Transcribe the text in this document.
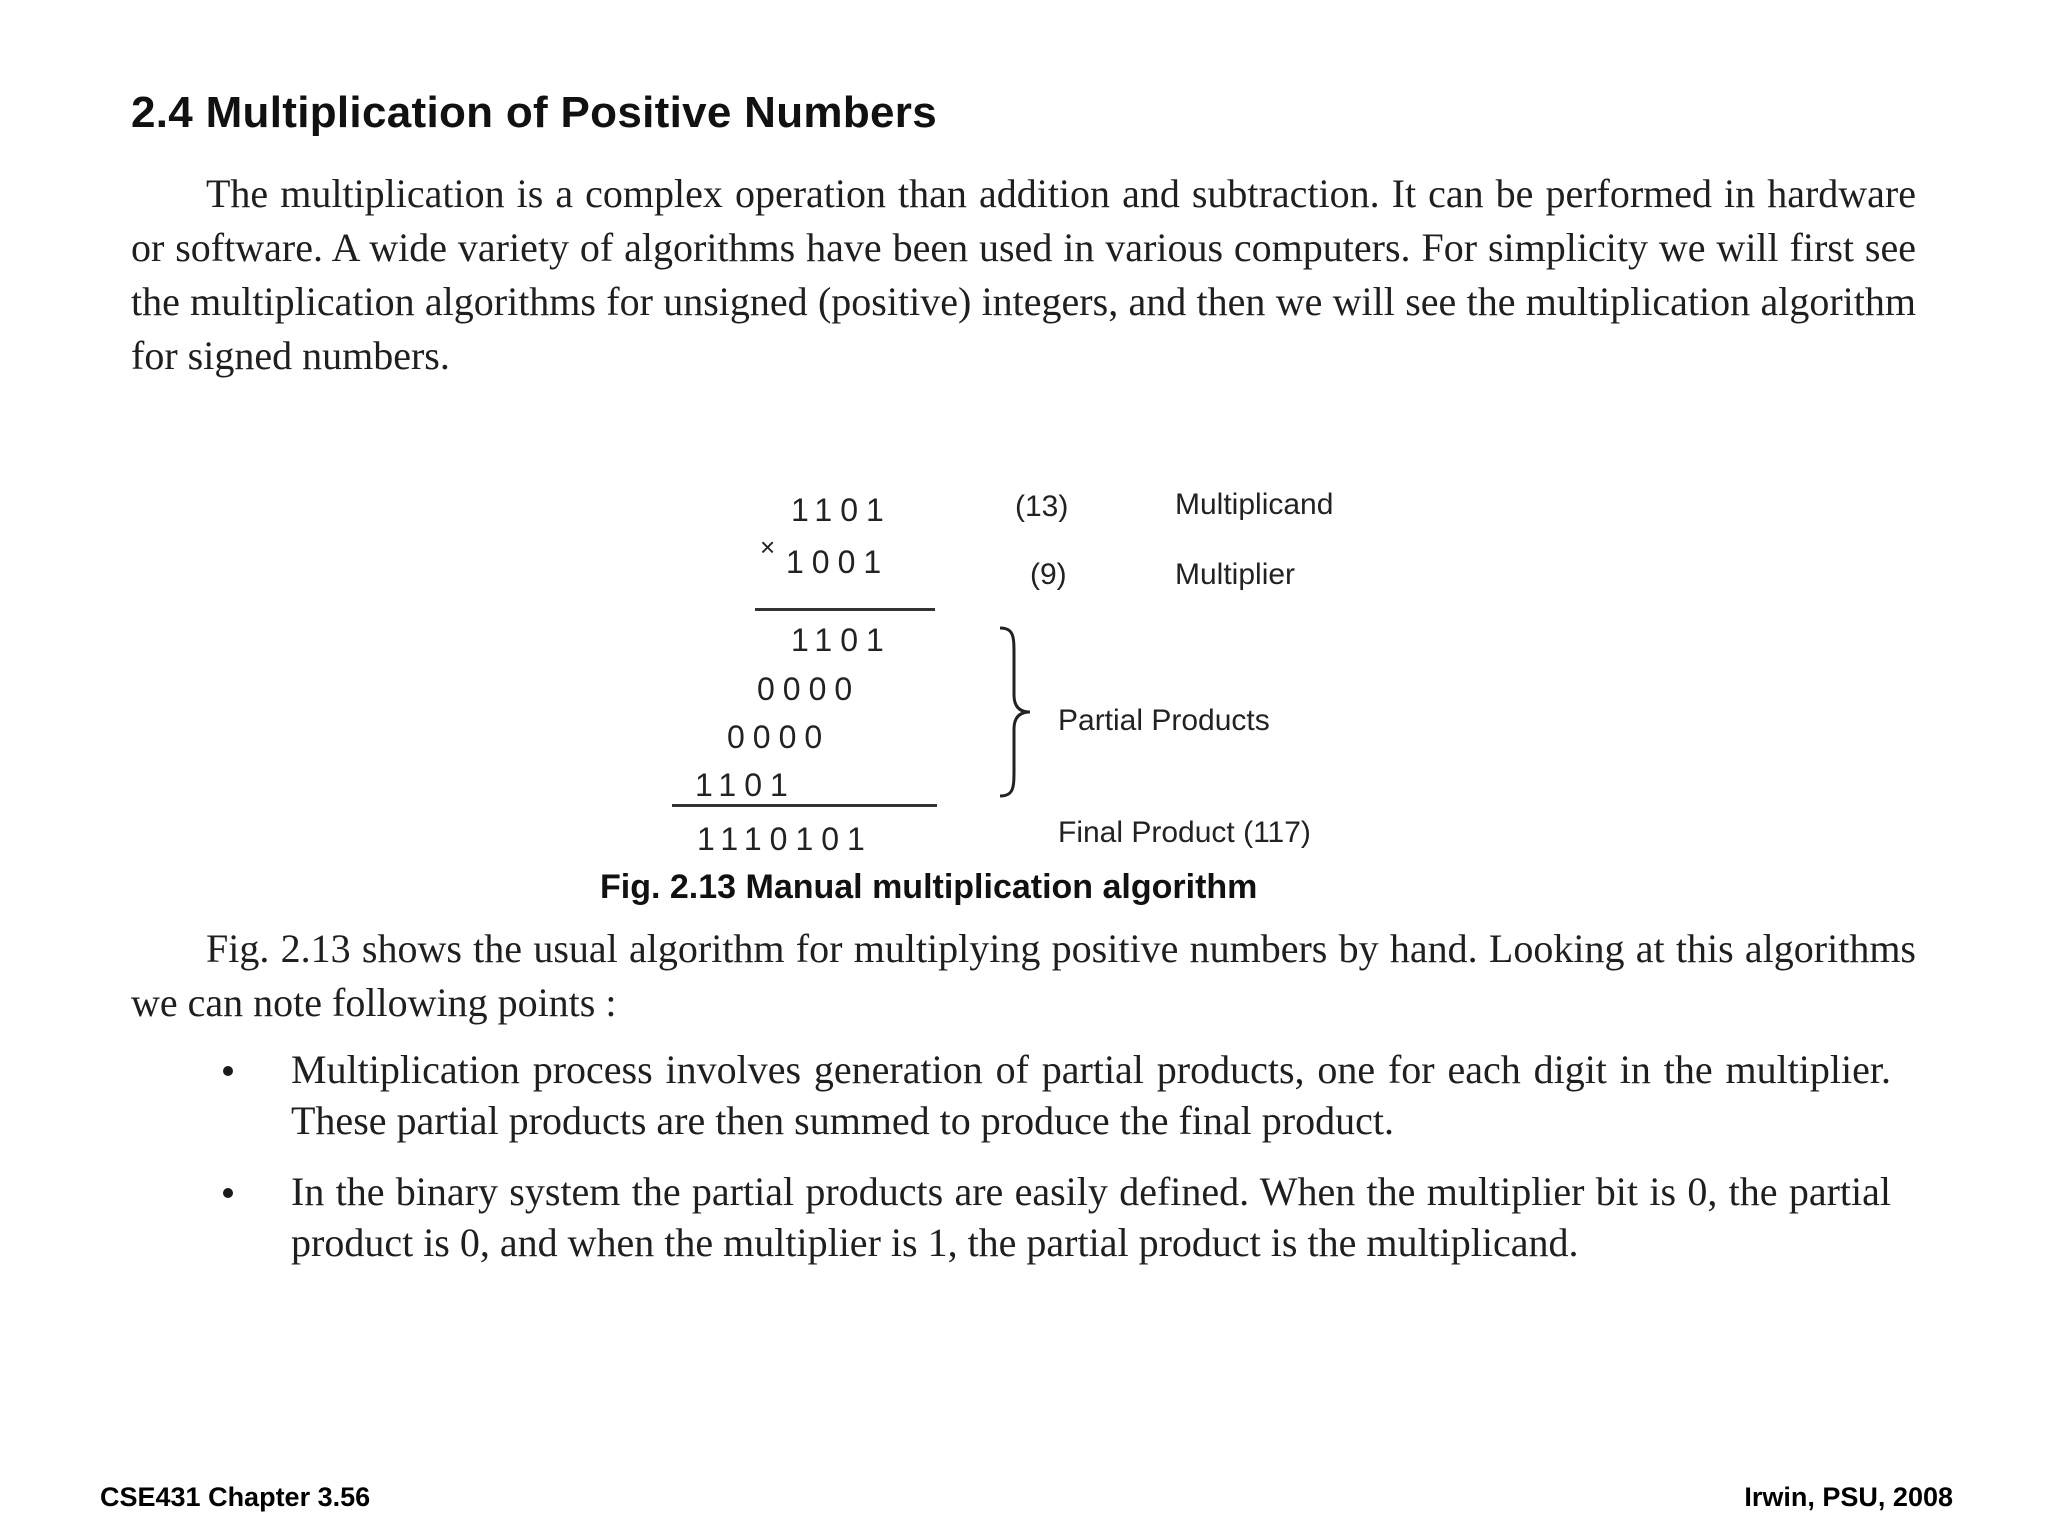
2.4 Multiplication of Positive Numbers

The multiplication is a complex operation than addition and subtraction. It can be performed in hardware or software. A wide variety of algorithms have been used in various computers. For simplicity we will first see the multiplication algorithms for unsigned (positive) integers, and then we will see the multiplication algorithm for signed numbers.

1101	(13)	Multiplicand
× 1001	(9)	Multiplier
1101
0000
0000
1101
Partial Products
1110101	Final Product (117)
Fig. 2.13 Manual multiplication algorithm

Fig. 2.13 shows the usual algorithm for multiplying positive numbers by hand. Looking at this algorithms we can note following points :

Multiplication process involves generation of partial products, one for each digit in the multiplier. These partial products are then summed to produce the final product.
In the binary system the partial products are easily defined. When the multiplier bit is 0, the partial product is 0, and when the multiplier is 1, the partial product is the multiplicand.
CSE431 Chapter 3.56	Irwin, PSU, 2008
